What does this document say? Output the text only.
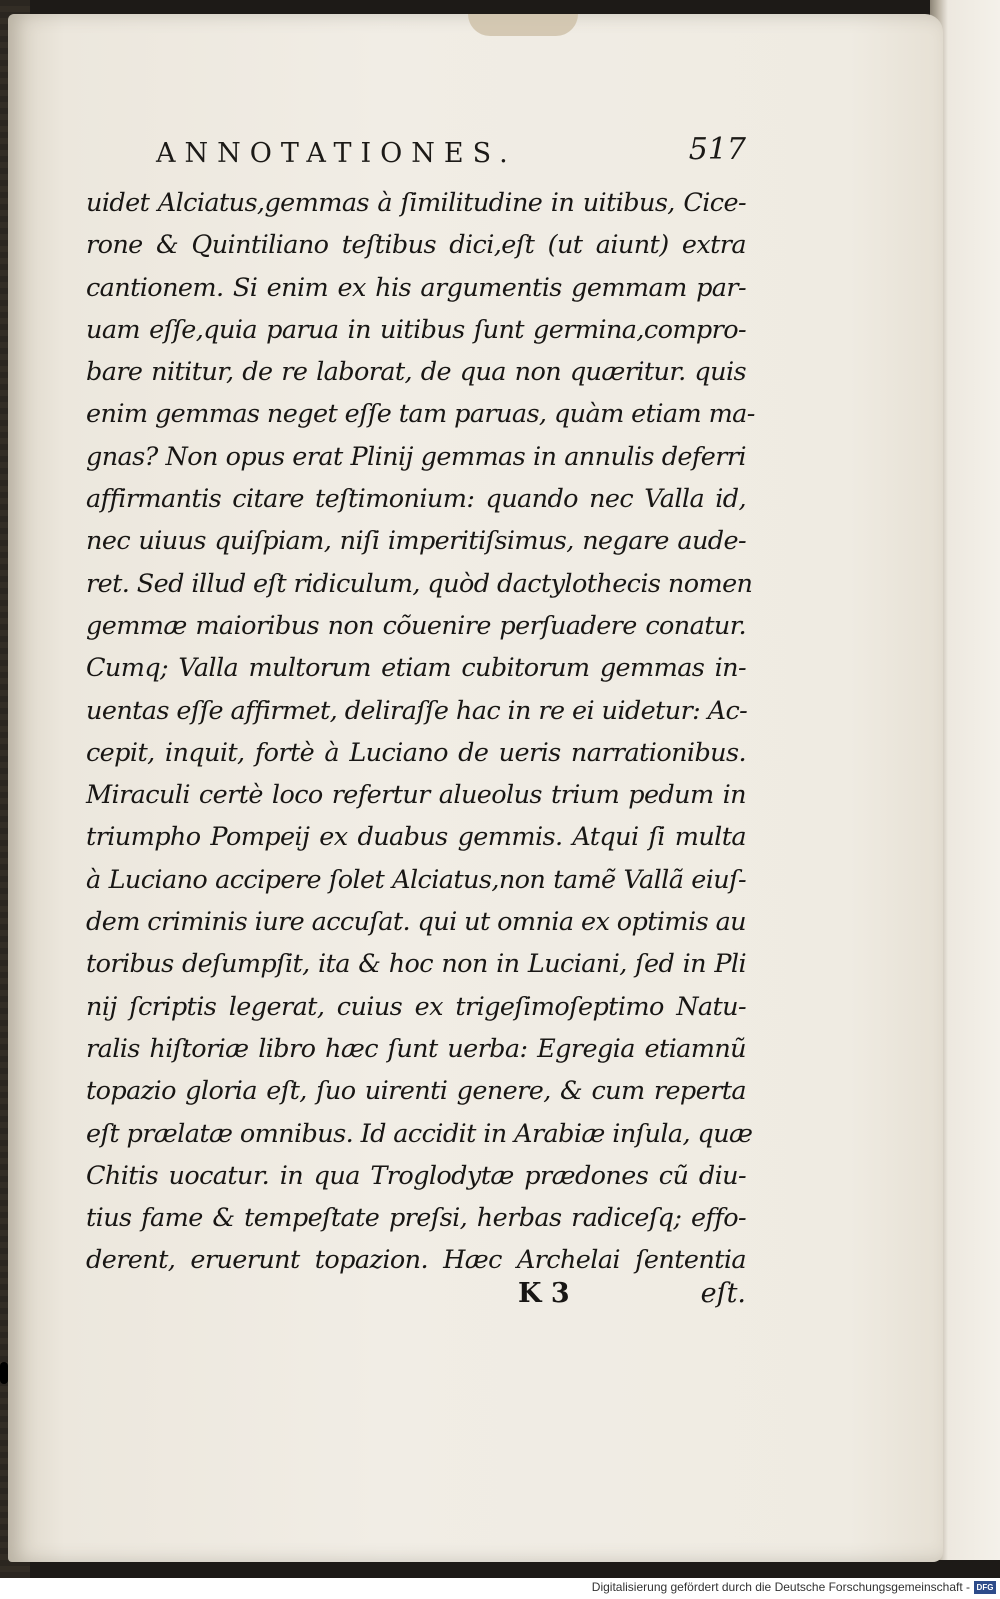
ANNOTATIONES.	517
uidet Alciatus,gemmas à ſimilitudine in uitibus, Cice-
rone & Quintiliano teſtibus dici,eſt (ut aiunt) extra
cantionem. Si enim ex his argumentis gemmam par-
uam eſſe,quia parua in uitibus ſunt germina,compro-
bare nititur, de re laborat, de qua non quæritur. quis
enim gemmas neget eſſe tam paruas, quàm etiam ma-
gnas? Non opus erat Plinij gemmas in annulis deferri
affirmantis citare teſtimonium: quando nec Valla id,
nec uiuus quiſpiam, niſi imperitiſsimus, negare aude-
ret. Sed illud eſt ridiculum, quòd dactylothecis nomen
gemmæ maioribus non cõuenire perſuadere conatur.
Cumq; Valla multorum etiam cubitorum gemmas in-
uentas eſſe affirmet, deliraſſe hac in re ei uidetur: Ac-
cepit, inquit, fortè à Luciano de ueris narrationibus.
Miraculi certè loco refertur alueolus trium pedum in
triumpho Pompeij ex duabus gemmis. Atqui ſi multa
à Luciano accipere ſolet Alciatus,non tamẽ Vallã eiuſ-
dem criminis iure accuſat. qui ut omnia ex optimis au
toribus deſumpſit, ita & hoc non in Luciani, ſed in Pli
nij ſcriptis legerat, cuius ex trigeſimoſeptimo Natu-
ralis hiſtoriæ libro hæc ſunt uerba: Egregia etiamnũ
topazio gloria eſt, ſuo uirenti genere, & cum reperta
eſt prælatæ omnibus. Id accidit in Arabiæ inſula, quæ
Chitis uocatur. in qua Troglodytæ prædones cũ diu-
tius fame & tempeſtate preſsi, herbas radiceſq; effo-
derent, eruerunt topazion. Hæc Archelai ſententia
K 3	eſt.
Digitalisierung gefördert durch die Deutsche Forschungsgemeinschaft - DFG
